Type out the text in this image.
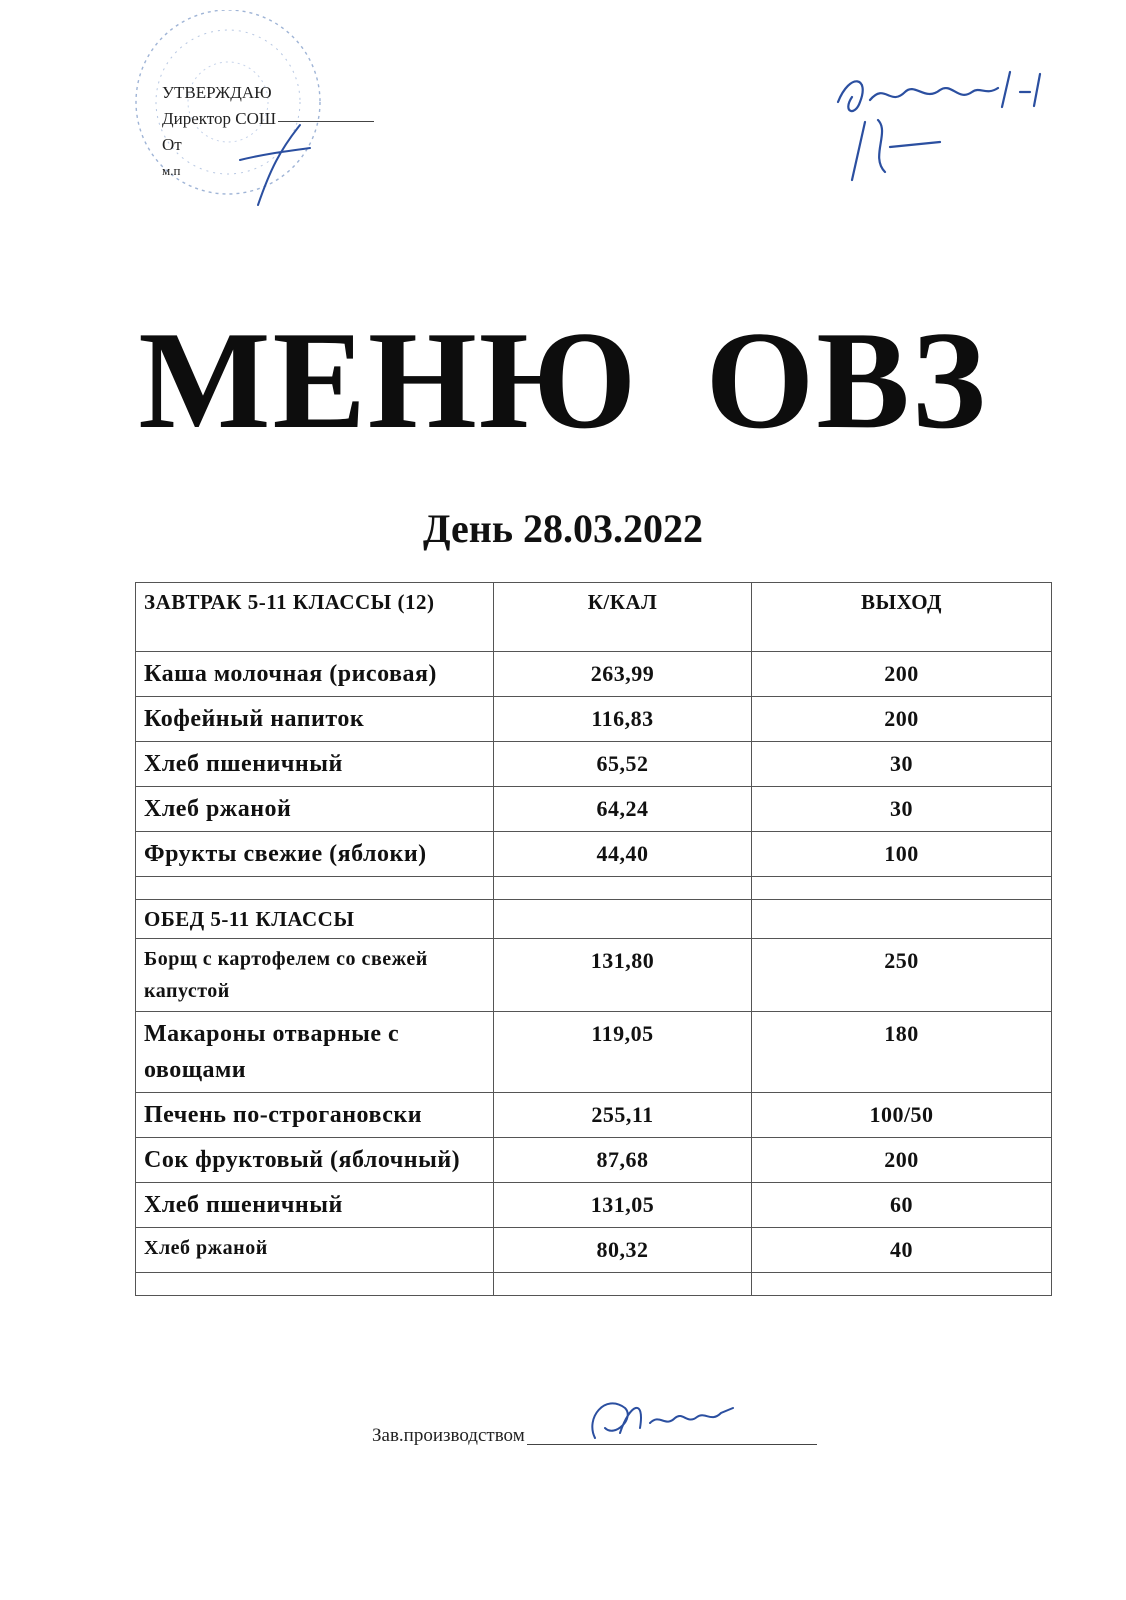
УТВЕРЖДАЮ
Директор СОШ
От
м.п
МЕНЮ ОВЗ
День 28.03.2022
ЗАВТРАК 5-11 КЛАССЫ (12)	К/КАЛ	ВЫХОД
Каша молочная (рисовая)	263,99	200
Кофейный напиток	116,83	200
Хлеб пшеничный	65,52	30
Хлеб ржаной	64,24	30
Фрукты свежие (яблоки)	44,40	100

ОБЕД 5-11 КЛАССЫ		
Борщ с картофелем со свежей капустой	131,80	250
Макароны отварные с овощами	119,05	180
Печень по-строгановски	255,11	100/50
Сок фруктовый (яблочный)	87,68	200
Хлеб пшеничный	131,05	60
Хлеб ржаной	80,32	40

Зав.производством
